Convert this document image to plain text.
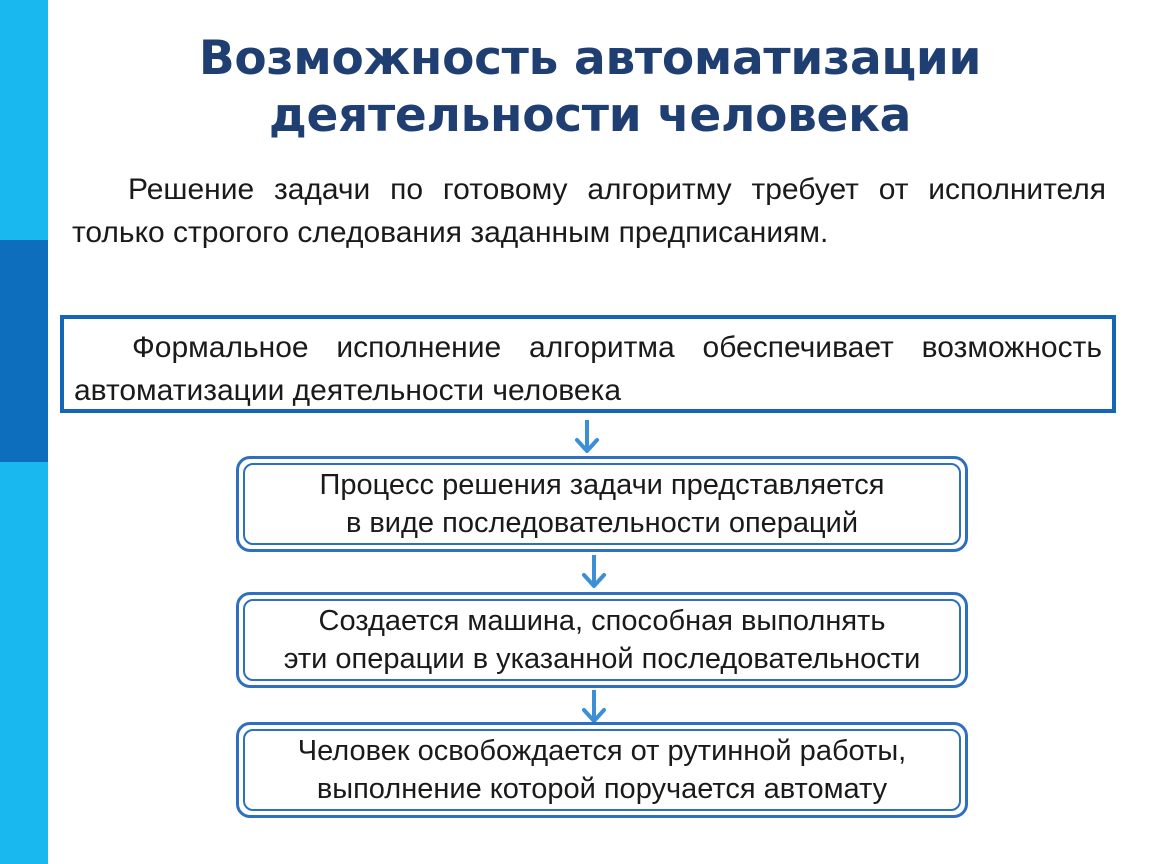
Возможность автоматизации
деятельности человека
Решение задачи по готовому алгоритму требует от исполнителя только строгого следования заданным предписаниям.
Формальное исполнение алгоритма обеспечивает возможность автоматизации деятельности человека
Процесс решения задачи представляется
в виде последовательности операций
Создается машина, способная выполнять
эти операции в указанной последовательности
Человек освобождается от рутинной работы,
выполнение которой поручается автомату
